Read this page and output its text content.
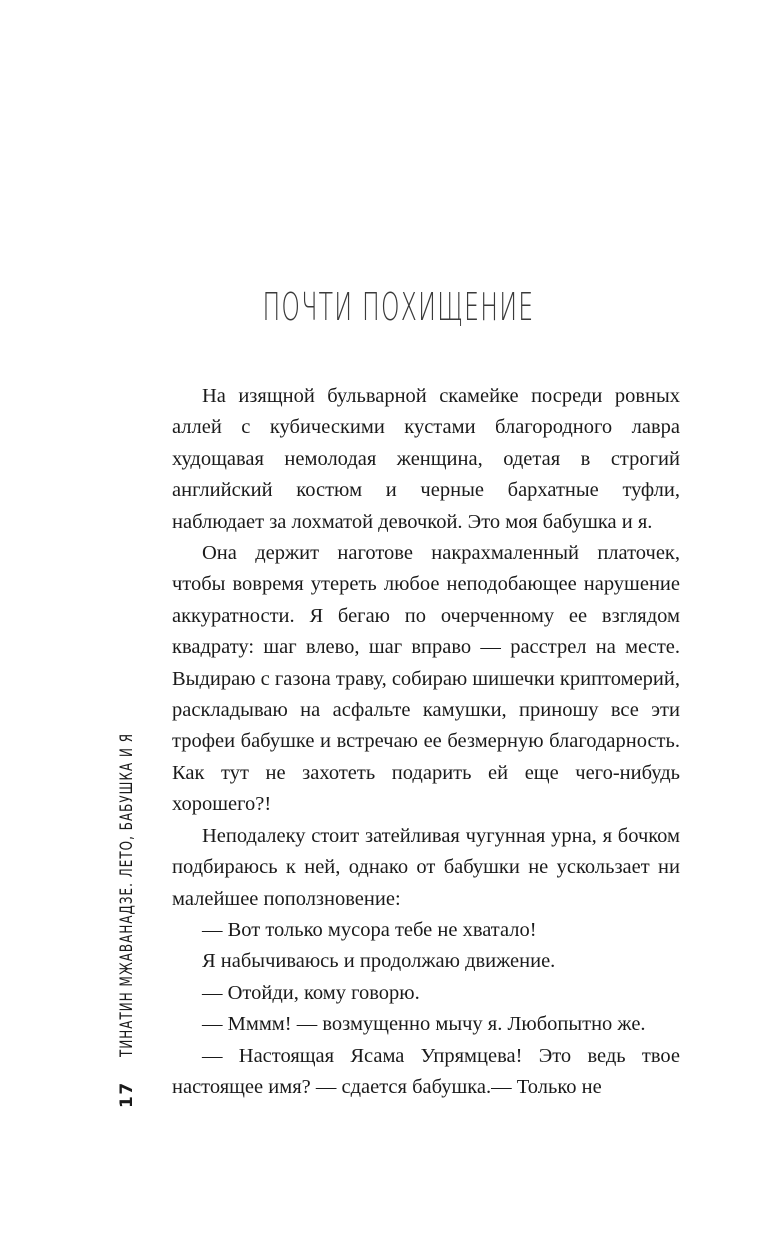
ПОЧТИ ПОХИЩЕНИЕ

На изящной бульварной скамейке посреди ровных аллей с кубическими кустами благородного лавра худощавая немолодая женщина, одетая в строгий английский костюм и черные бархатные туфли, наблюдает за лохматой девочкой. Это моя бабушка и я.

Она держит наготове накрахмаленный платочек, чтобы вовремя утереть любое неподобающее нарушение аккуратности. Я бегаю по очерченному ее взглядом квадрату: шаг влево, шаг вправо — расстрел на месте. Выдираю с газона траву, собираю шишечки криптомерий, раскладываю на асфальте камушки, приношу все эти трофеи бабушке и встречаю ее безмерную благодарность. Как тут не захотеть подарить ей еще чего-нибудь хорошего?!

Неподалеку стоит затейливая чугунная урна, я бочком подбираюсь к ней, однако от бабушки не ускользает ни малейшее поползновение:

— Вот только мусора тебе не хватало!

Я набычиваюсь и продолжаю движение.

— Отойди, кому говорю.

— Мммм! — возмущенно мычу я. Любопытно же.

— Настоящая Ясама Упрямцева! Это ведь твое настоящее имя? — сдается бабушка.— Только не

17
ТИНАТИН МЖАВАНАДЗЕ. ЛЕТО, БАБУШКА И Я
